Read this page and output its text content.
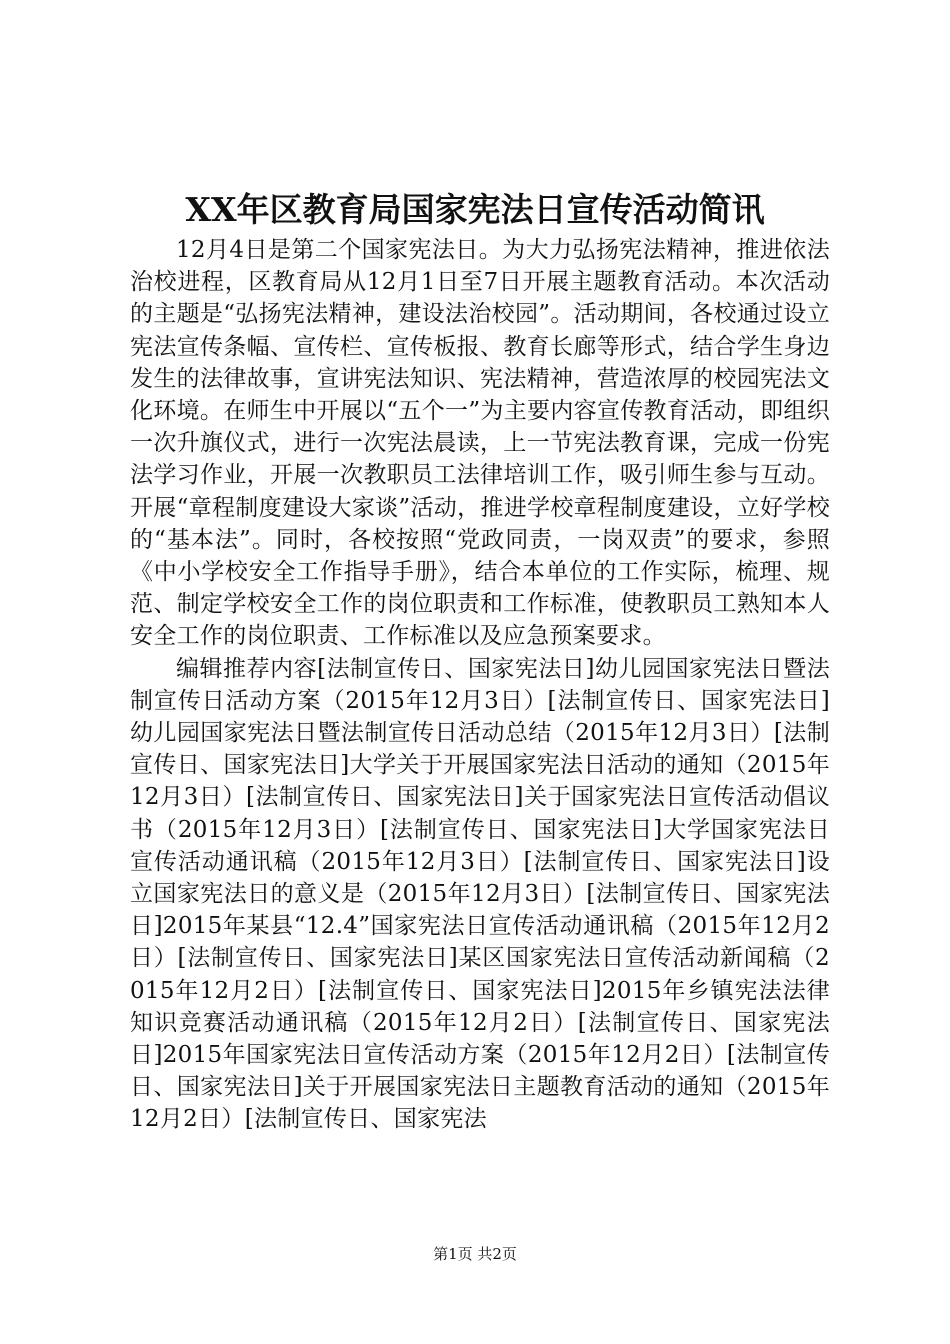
XX年区教育局国家宪法日宣传活动简讯

12月4日是第二个国家宪法日。为大力弘扬宪法精神，推进依法治校进程，区教育局从12月1日至7日开展主题教育活动。本次活动的主题是“弘扬宪法精神，建设法治校园”。活动期间，各校通过设立宪法宣传条幅、宣传栏、宣传板报、教育长廊等形式，结合学生身边发生的法律故事，宣讲宪法知识、宪法精神，营造浓厚的校园宪法文化环境。在师生中开展以“五个一”为主要内容宣传教育活动，即组织一次升旗仪式，进行一次宪法晨读，上一节宪法教育课，完成一份宪法学习作业，开展一次教职员工法律培训工作，吸引师生参与互动。开展“章程制度建设大家谈”活动，推进学校章程制度建设，立好学校的“基本法”。同时，各校按照“党政同责，一岗双责”的要求，参照《中小学校安全工作指导手册》，结合本单位的工作实际，梳理、规范、制定学校安全工作的岗位职责和工作标准，使教职员工熟知本人安全工作的岗位职责、工作标准以及应急预案要求。

编辑推荐内容[法制宣传日、国家宪法日]幼儿园国家宪法日暨法制宣传日活动方案（2015年12月3日）[法制宣传日、国家宪法日]幼儿园国家宪法日暨法制宣传日活动总结（2015年12月3日）[法制宣传日、国家宪法日]大学关于开展国家宪法日活动的通知（2015年12月3日）[法制宣传日、国家宪法日]关于国家宪法日宣传活动倡议书（2015年12月3日）[法制宣传日、国家宪法日]大学国家宪法日宣传活动通讯稿（2015年12月3日）[法制宣传日、国家宪法日]设立国家宪法日的意义是（2015年12月3日）[法制宣传日、国家宪法日]2015年某县“12.4”国家宪法日宣传活动通讯稿（2015年12月2日）[法制宣传日、国家宪法日]某区国家宪法日宣传活动新闻稿（2015年12月2日）[法制宣传日、国家宪法日]2015年乡镇宪法法律知识竞赛活动通讯稿（2015年12月2日）[法制宣传日、国家宪法日]2015年国家宪法日宣传活动方案（2015年12月2日）[法制宣传日、国家宪法日]关于开展国家宪法日主题教育活动的通知（2015年12月2日）[法制宣传日、国家宪法

第1页 共2页
